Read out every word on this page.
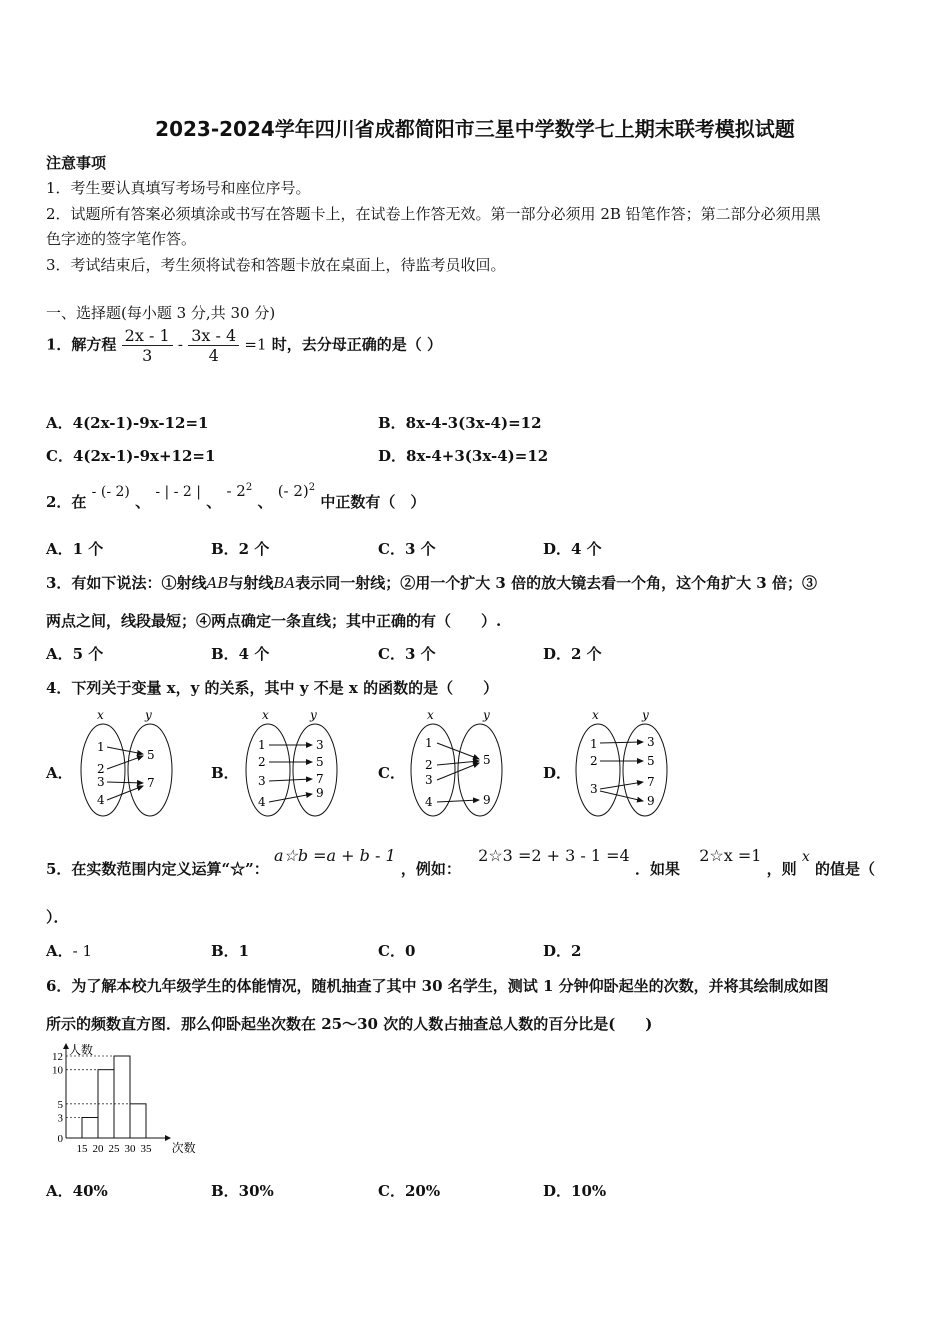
2023-2024学年四川省成都简阳市三星中学数学七上期末联考模拟试题
注意事项
1．考生要认真填写考场号和座位序号。
2．试题所有答案必须填涂或书写在答题卡上，在试卷上作答无效。第一部分必须用 2B 铅笔作答；第二部分必须用黑
色字迹的签字笔作答。
3．考试结束后，考生须将试卷和答题卡放在桌面上，待监考员收回。
一、选择题(每小题 3 分,共 30 分)
1．解方程 $\frac{2x - 1}{3} - \frac{3x - 4}{4} =1$ 时，去分母正确的是（ ）
A．4(2x-1)-9x-12=1	B．8x-4-3(3x-4)=12
C．4(2x-1)-9x+12=1	D．8x-4+3(3x-4)=12
2．在 - (- 2) 、 - | - 2 | 、 - $2^2$ 、 (- 2)$^2$ 中正数有（　）
A．1 个	B．2 个	C．3 个	D．4 个
3．有如下说法：①射线AB与射线BA表示同一射线；②用一个扩大 3 倍的放大镜去看一个角，这个角扩大 3 倍；③
两点之间，线段最短；④两点确定一条直线；其中正确的有（　　）.
A．5 个	B．4 个	C．3 个	D．2 个
4．下列关于变量 x，y 的关系，其中 y 不是 x 的函数的是（　　）
A．	B．	C．	D．
x	y
1
2
3
4
5
7
x	y
1
2
3
4
3
5
7
9
x	y
1
2
3
4
5
9
x	y
1
2
3
3
5
7
9
5．在实数范围内定义运算“☆”： a☆b =a + b - 1 ，例如： 2☆3 =2 + 3 - 1 =4 ．如果 2☆x =1 ，则 x 的值是（
）．
A．- 1	B．1	C．0	D．2
6．为了解本校九年级学生的体能情况，随机抽查了其中 30 名学生，测试 1 分钟仰卧起坐的次数，并将其绘制成如图
所示的频数直方图．那么仰卧起坐次数在 25～30 次的人数占抽查总人数的百分比是(　　)
0
3
5
10
12
15 20 25 30 35
人数
次数
A．40%	B．30%	C．20%	D．10%
